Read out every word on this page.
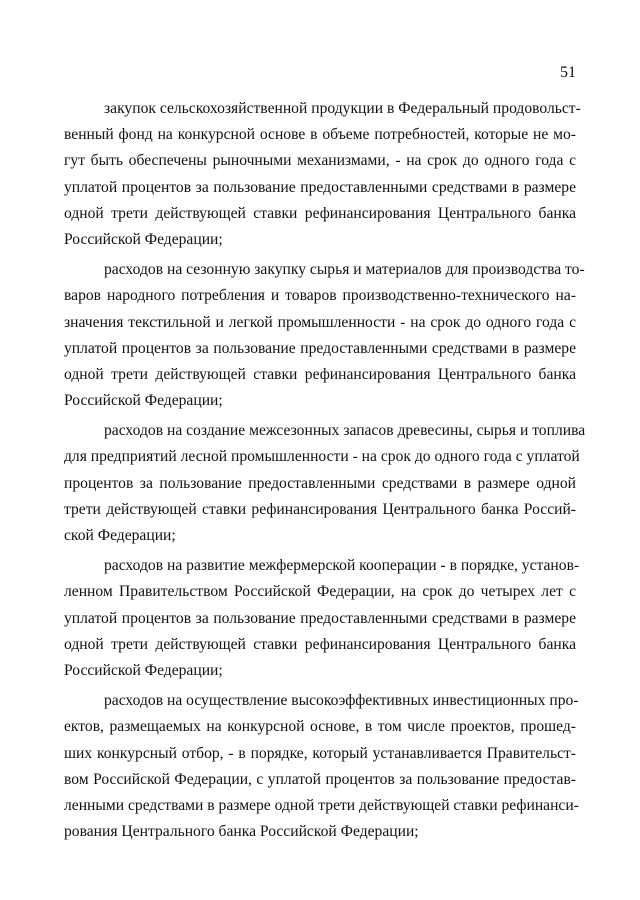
51
закупок сельскохозяйственной продукции в Федеральный продовольст-
венный фонд на конкурсной основе в объеме потребностей, которые не мо-
гут быть обеспечены рыночными механизмами, - на срок до одного года с
уплатой процентов за пользование предоставленными средствами в размере
одной трети действующей ставки рефинансирования Центрального банка
Российской Федерации;
расходов на сезонную закупку сырья и материалов для производства то-
варов народного потребления и товаров производственно-технического на-
значения текстильной и легкой промышленности - на срок до одного года с
уплатой процентов за пользование предоставленными средствами в размере
одной трети действующей ставки рефинансирования Центрального банка
Российской Федерации;
расходов на создание межсезонных запасов древесины, сырья и топлива
для предприятий лесной промышленности - на срок до одного года с уплатой
процентов за пользование предоставленными средствами в размере одной
трети действующей ставки рефинансирования Центрального банка Россий-
ской Федерации;
расходов на развитие межфермерской кооперации - в порядке, установ-
ленном Правительством Российской Федерации, на срок до четырех лет с
уплатой процентов за пользование предоставленными средствами в размере
одной трети действующей ставки рефинансирования Центрального банка
Российской Федерации;
расходов на осуществление высокоэффективных инвестиционных про-
ектов, размещаемых на конкурсной основе, в том числе проектов, прошед-
ших конкурсный отбор, - в порядке, который устанавливается Правительст-
вом Российской Федерации, с уплатой процентов за пользование предостав-
ленными средствами в размере одной трети действующей ставки рефинанси-
рования Центрального банка Российской Федерации;
